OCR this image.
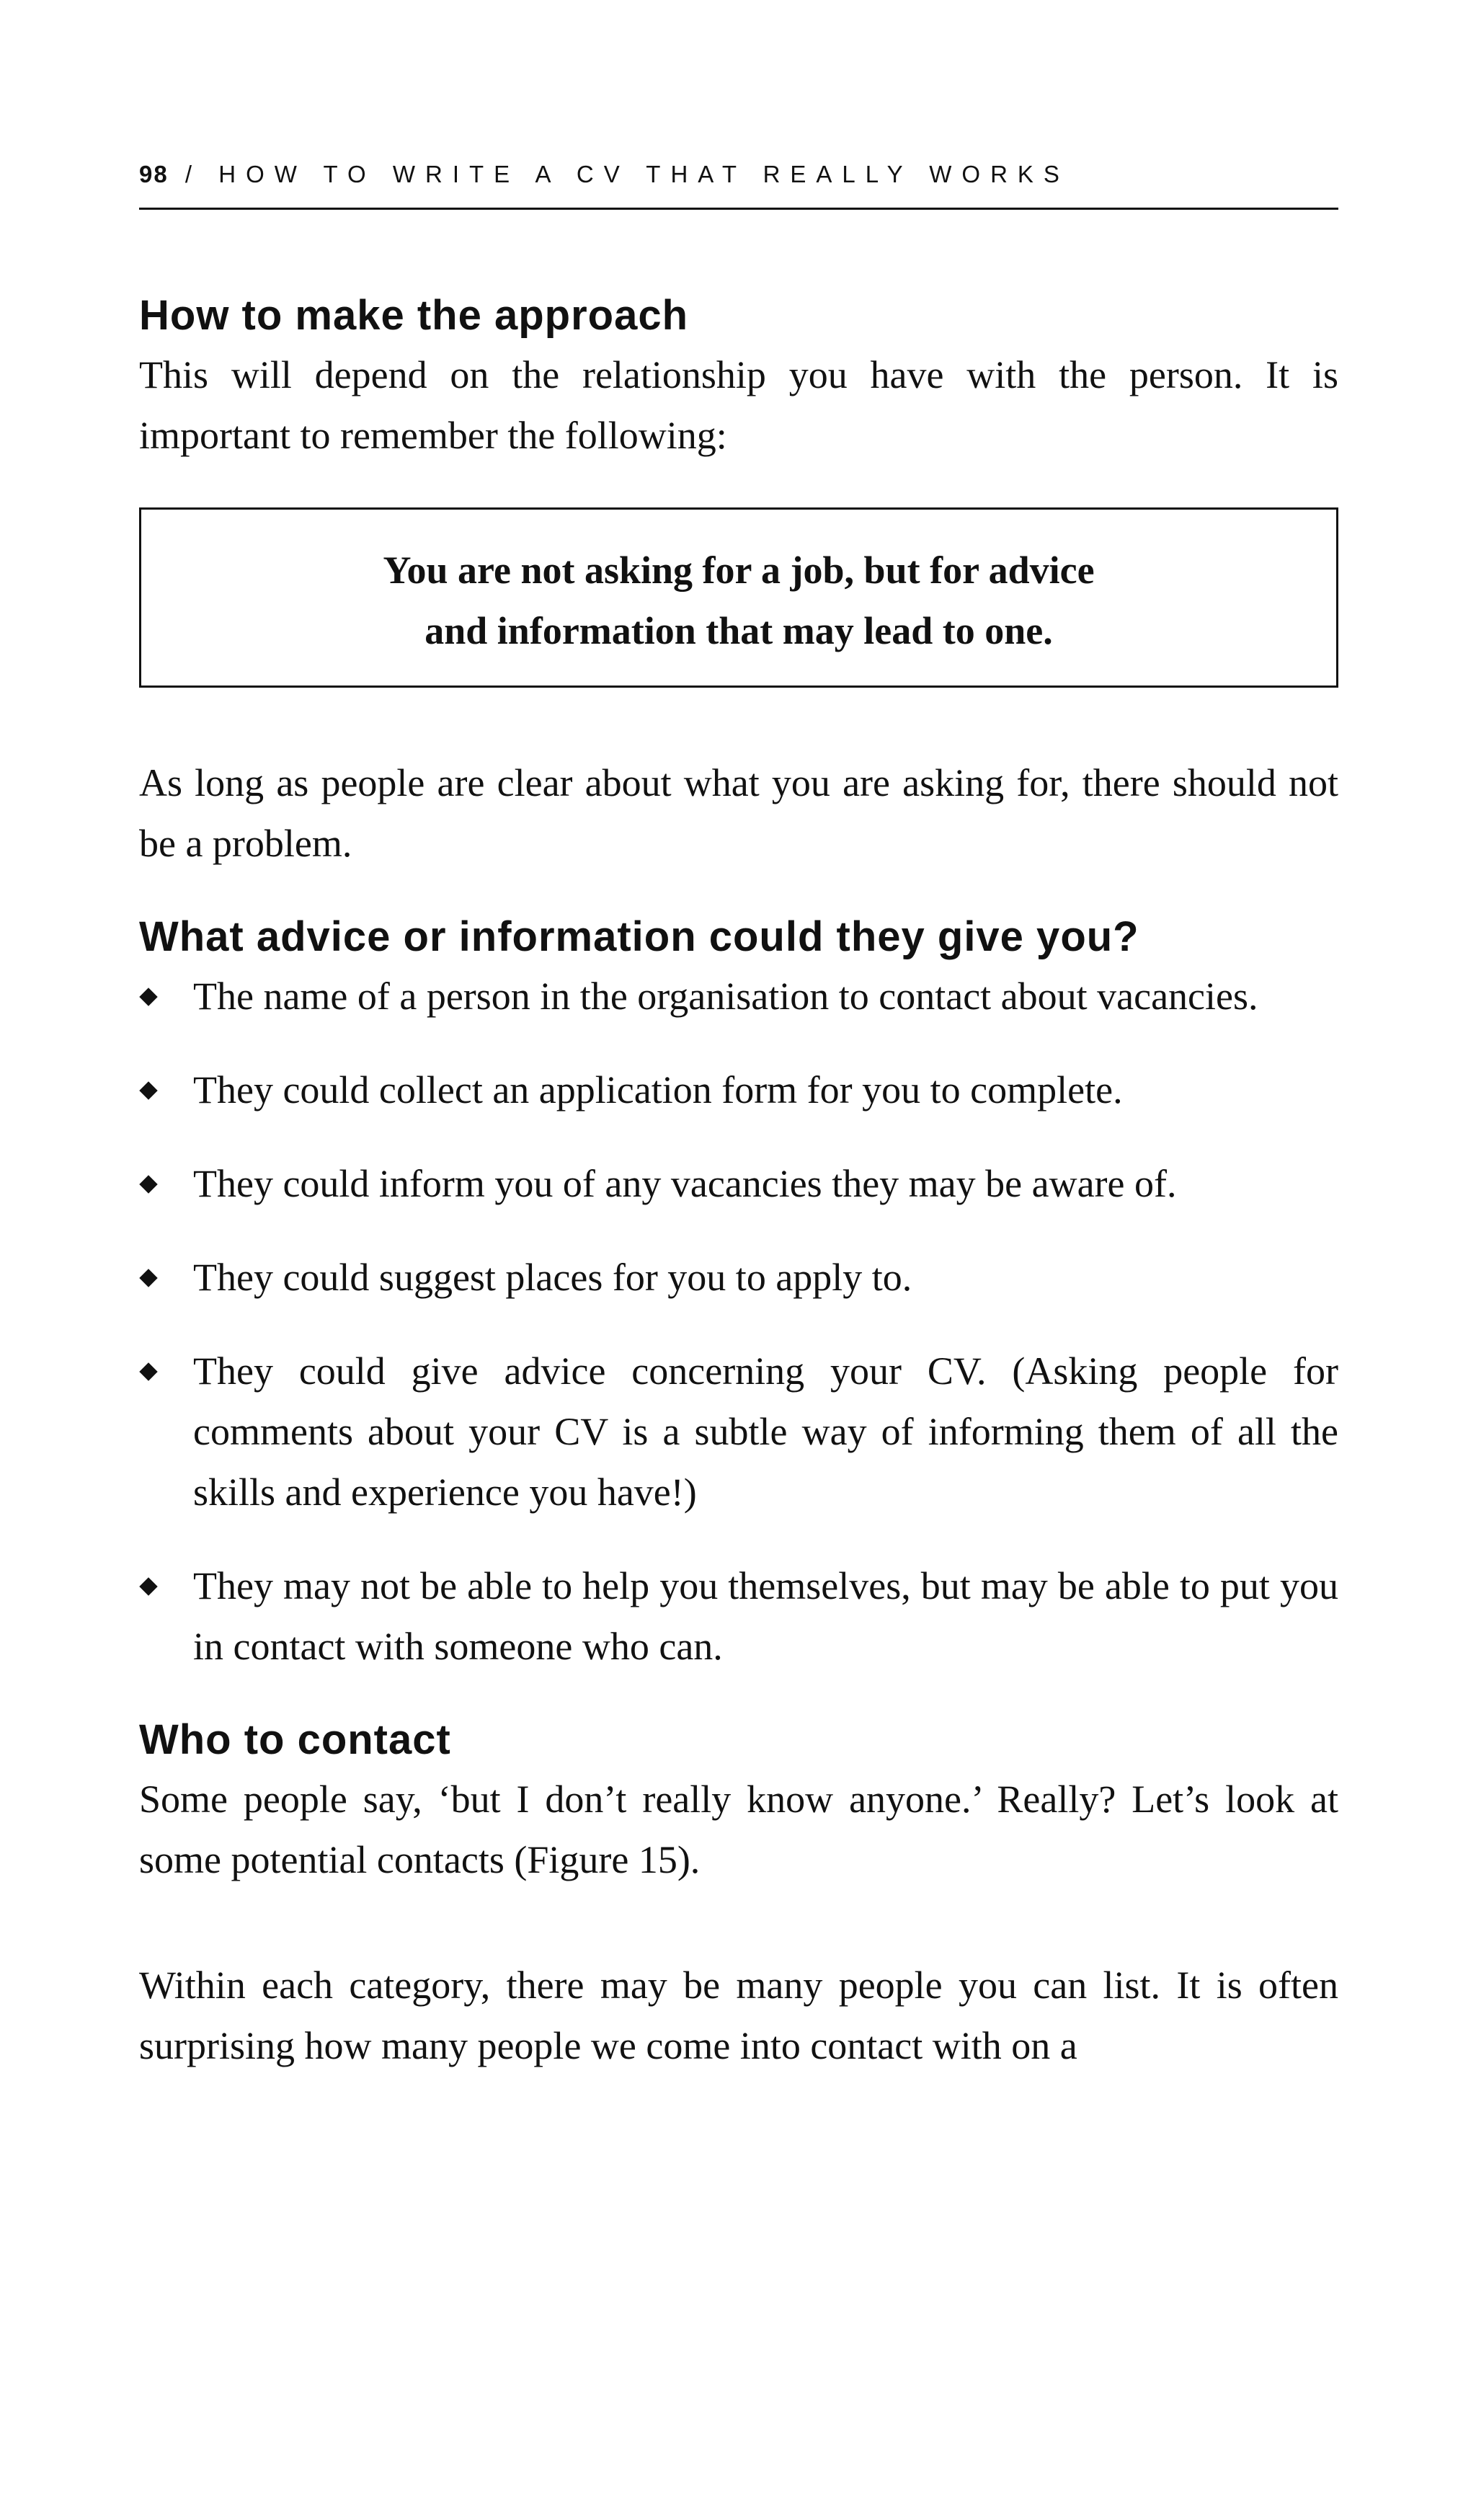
98 / HOW TO WRITE A CV THAT REALLY WORKS
How to make the approach

This will depend on the relationship you have with the person. It is important to remember the following:

You are not asking for a job, but for advice
and information that may lead to one.

As long as people are clear about what you are asking for, there should not be a problem.

What advice or information could they give you?
The name of a person in the organisation to contact about vacancies.
They could collect an application form for you to complete.
They could inform you of any vacancies they may be aware of.
They could suggest places for you to apply to.
They could give advice concerning your CV. (Asking people for comments about your CV is a subtle way of informing them of all the skills and experience you have!)
They may not be able to help you themselves, but may be able to put you in contact with someone who can.
Who to contact

Some people say, ‘but I don’t really know anyone.’ Really? Let’s look at some potential contacts (Figure 15).

Within each category, there may be many people you can list. It is often surprising how many people we come into contact with on a
